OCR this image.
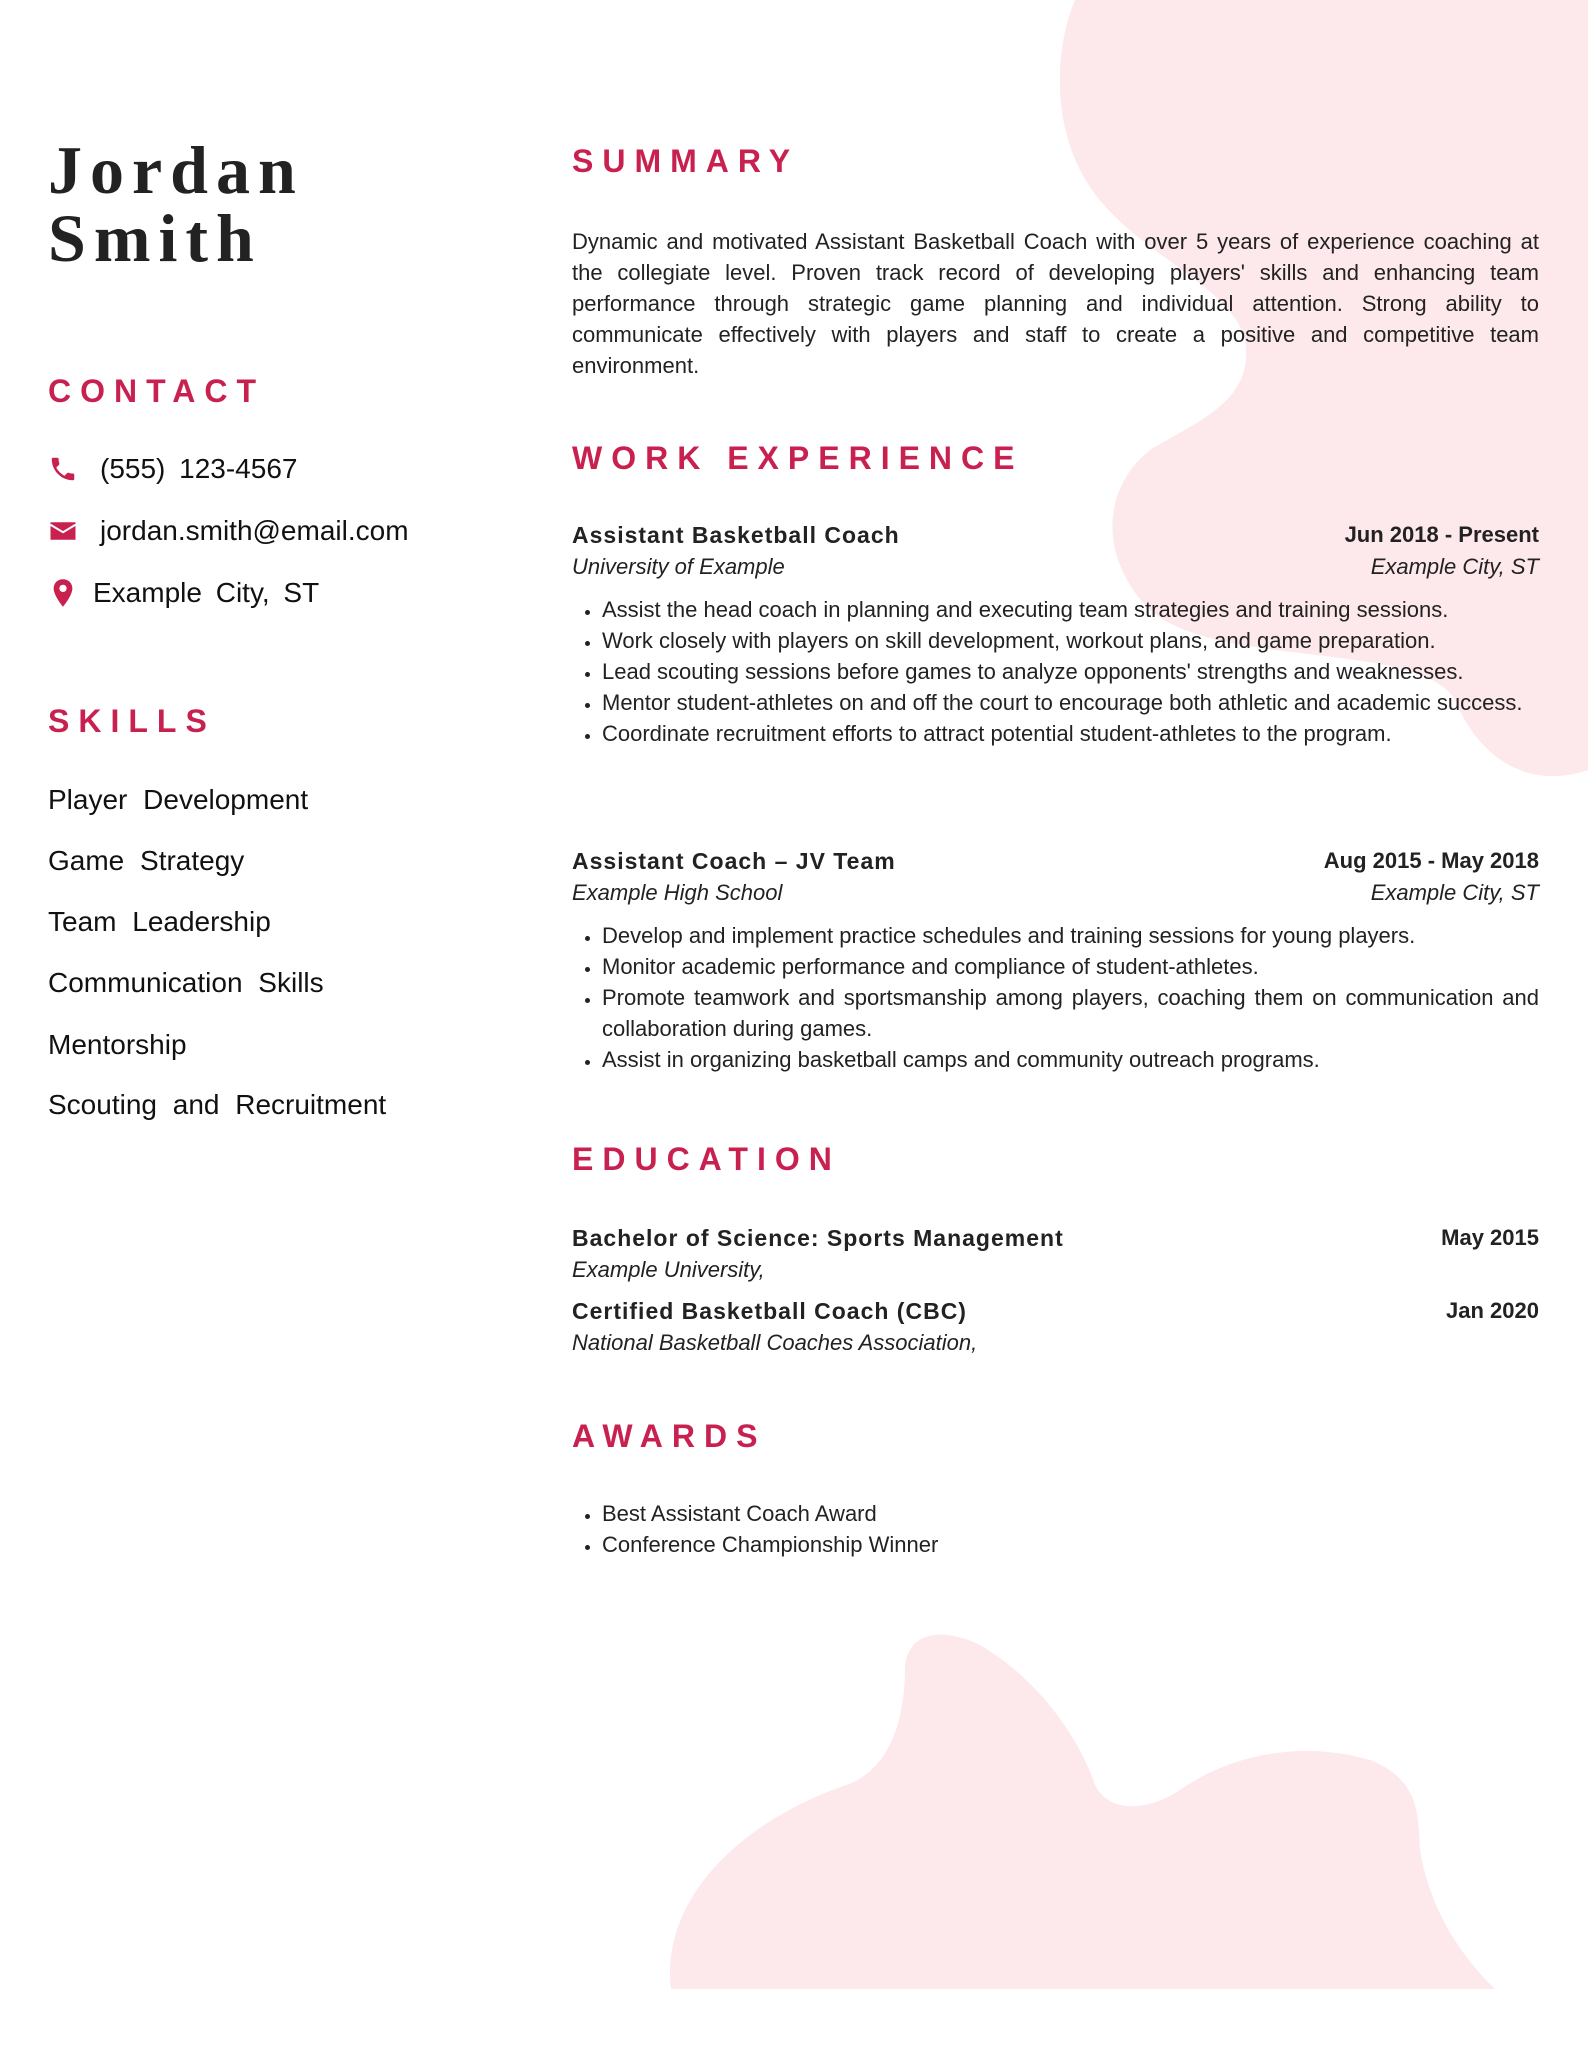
Jordan
Smith
CONTACT
(555) 123-4567
jordan.smith@email.com
Example City, ST
SKILLS
Player Development
Game Strategy
Team Leadership
Communication Skills
Mentorship
Scouting and Recruitment
SUMMARY
Dynamic and motivated Assistant Basketball Coach with over 5 years of experience coaching at the collegiate level. Proven track record of developing players' skills and enhancing team performance through strategic game planning and individual attention. Strong ability to communicate effectively with players and staff to create a positive and competitive team environment.
WORK EXPERIENCE
Assistant Basketball Coach	Jun 2018 - Present
University of Example	Example City, ST
• Assist the head coach in planning and executing team strategies and training sessions.
• Work closely with players on skill development, workout plans, and game preparation.
• Lead scouting sessions before games to analyze opponents' strengths and weaknesses.
• Mentor student-athletes on and off the court to encourage both athletic and academic success.
• Coordinate recruitment efforts to attract potential student-athletes to the program.
Assistant Coach – JV Team	Aug 2015 - May 2018
Example High School	Example City, ST
• Develop and implement practice schedules and training sessions for young players.
• Monitor academic performance and compliance of student-athletes.
• Promote teamwork and sportsmanship among players, coaching them on communication and collaboration during games.
• Assist in organizing basketball camps and community outreach programs.
EDUCATION
Bachelor of Science: Sports Management	May 2015
Example University,
Certified Basketball Coach (CBC)	Jan 2020
National Basketball Coaches Association,
AWARDS
• Best Assistant Coach Award
• Conference Championship Winner
